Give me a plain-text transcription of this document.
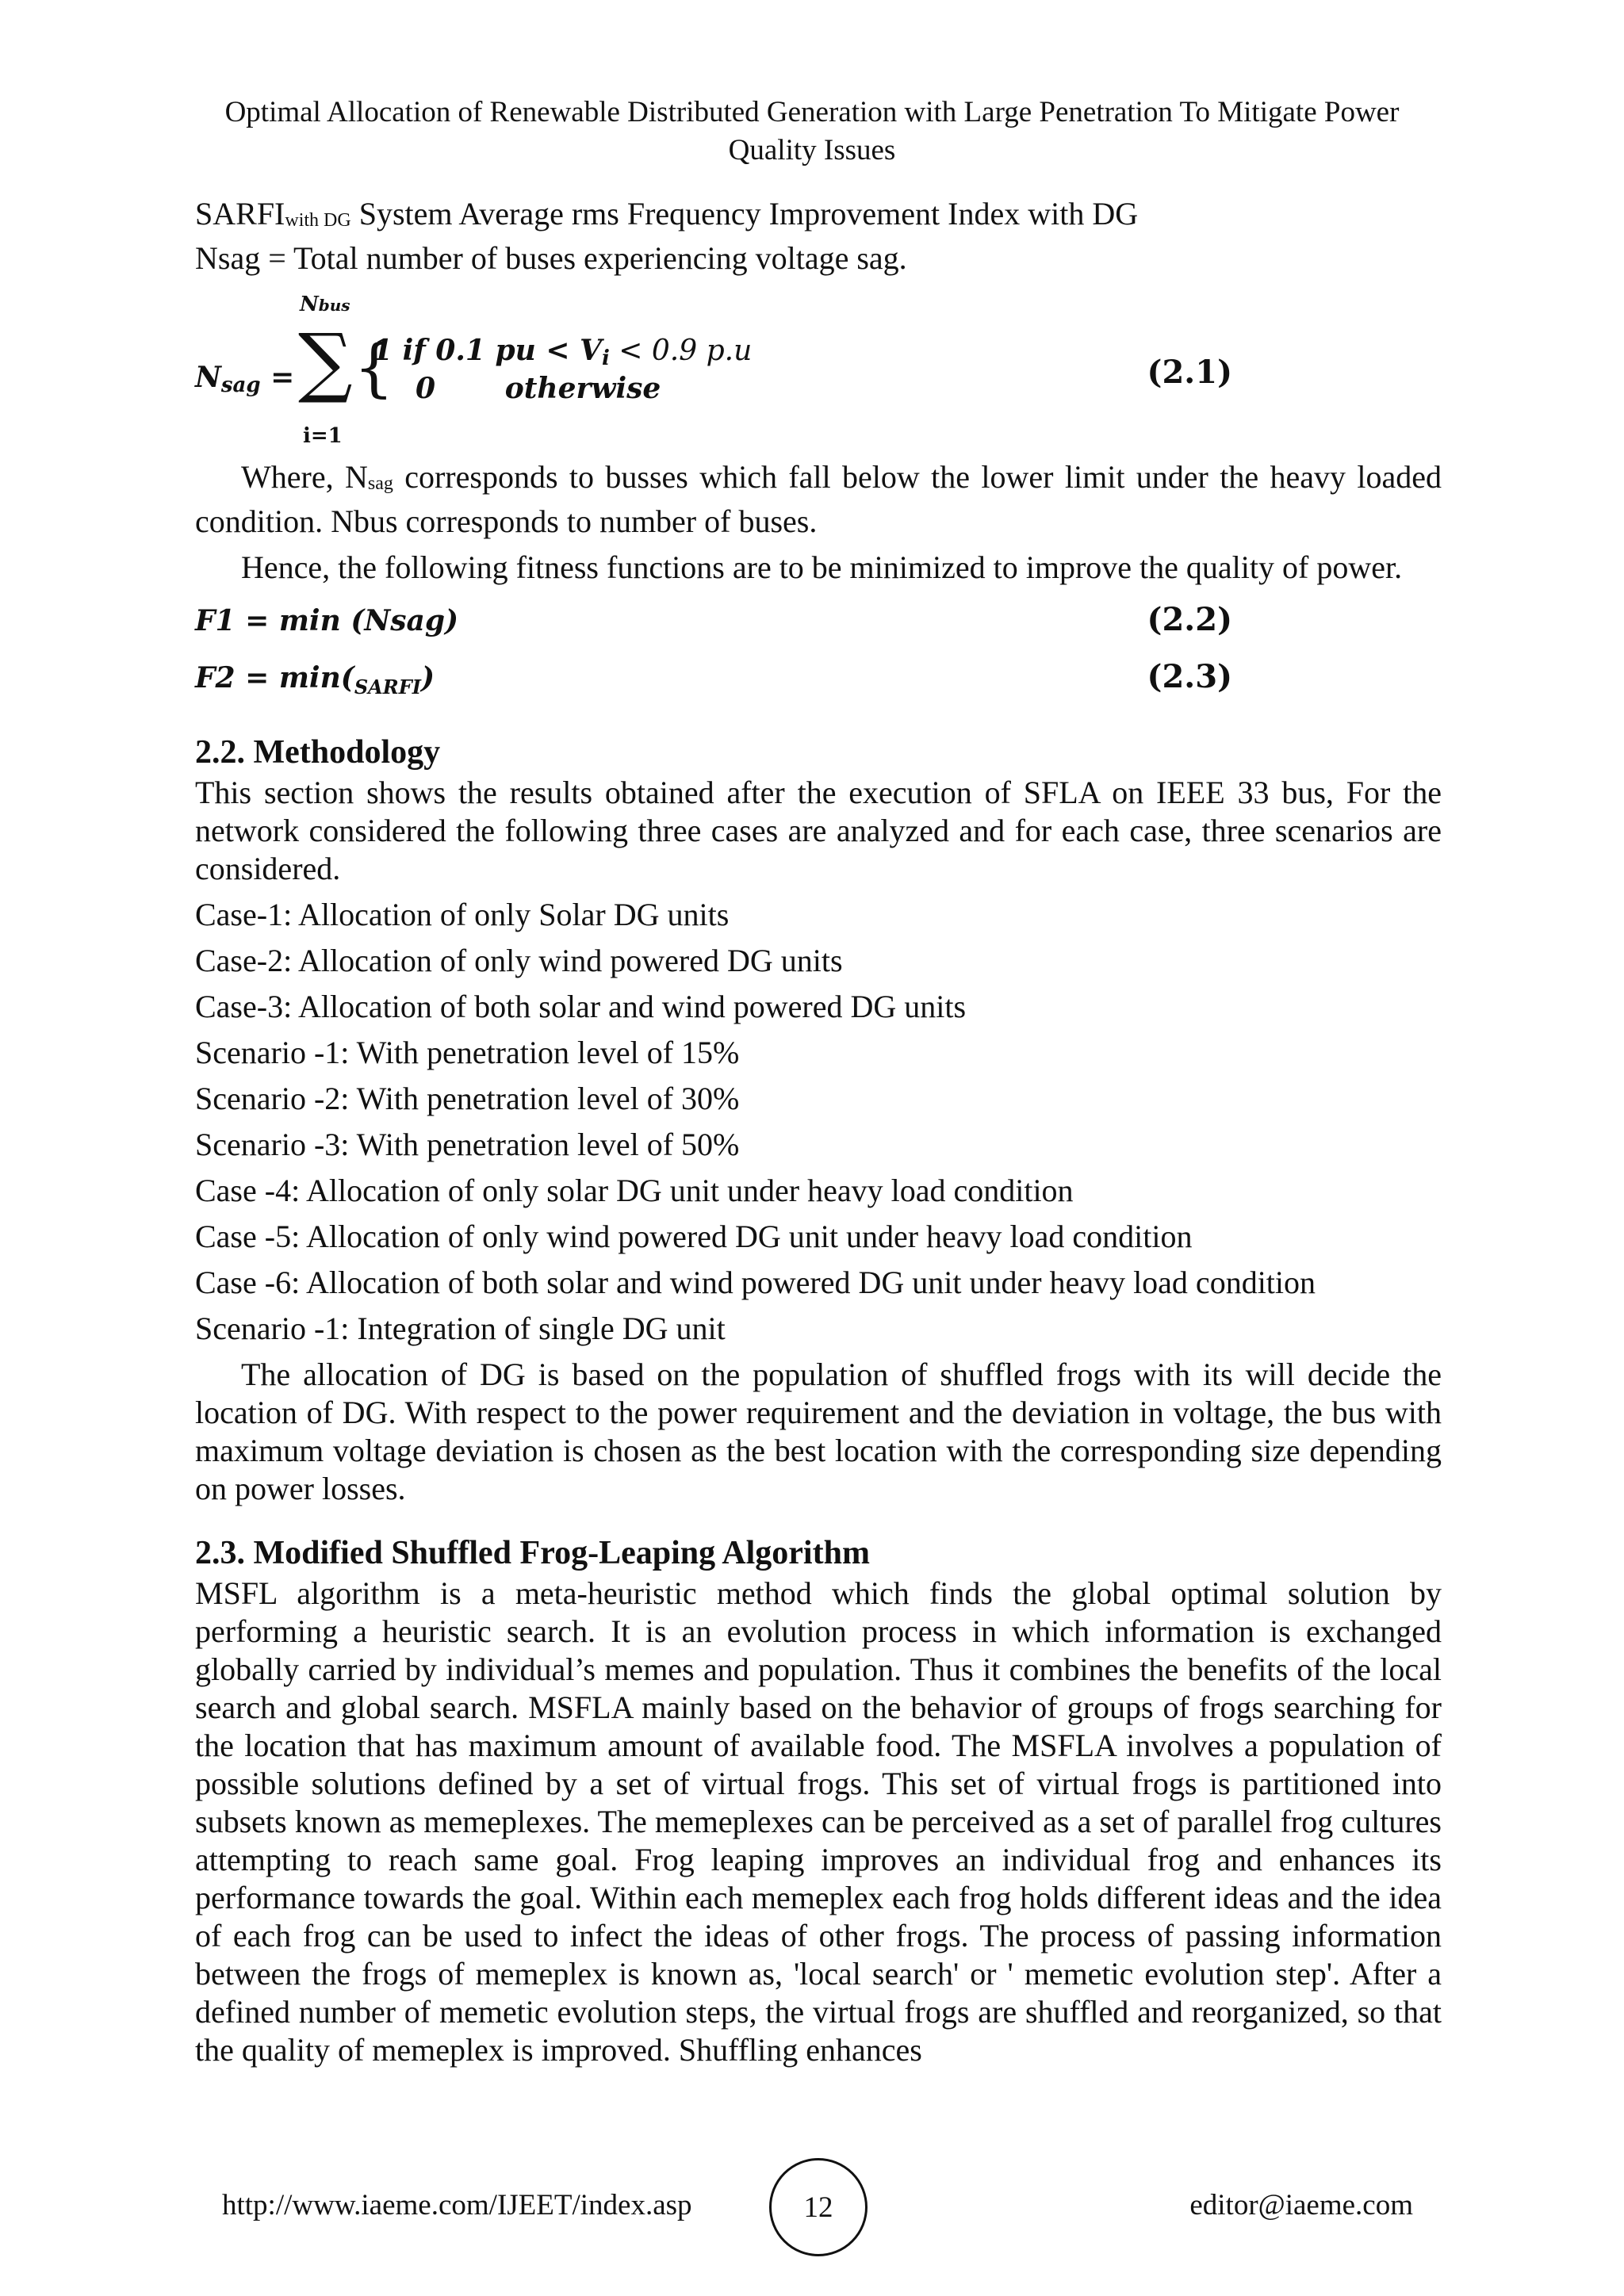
Optimal Allocation of Renewable Distributed Generation with Large Penetration To Mitigate Power
Quality Issues

SARFIwith DG System Average rms Frequency Improvement Index with DG

Nsag = Total number of buses experiencing voltage sag.

Nsag =
Nbus
∑
i=1
{
1 if 0.1 pu < Vi < 0.9 p.u
0       otherwise	(2.1)

Where, Nsag corresponds to busses which fall below the lower limit under the heavy loaded condition. Nbus corresponds to number of buses.

Hence, the following fitness functions are to be minimized to improve the quality of power.

F1 = min (Nsag)	(2.2)
$F2 = \min(_{SARFI})$	(2.3)
2.2. Methodology

This section shows the results obtained after the execution of SFLA on IEEE 33 bus, For the network considered the following three cases are analyzed and for each case, three scenarios are considered.

Case-1: Allocation of only Solar DG units

Case-2: Allocation of only wind powered DG units

Case-3: Allocation of both solar and wind powered DG units

Scenario -1: With penetration level of 15%

Scenario -2: With penetration level of 30%

Scenario -3: With penetration level of 50%

Case -4: Allocation of only solar DG unit under heavy load condition

Case -5: Allocation of only wind powered DG unit under heavy load condition

Case -6: Allocation of both solar and wind powered DG unit under heavy load condition

Scenario -1: Integration of single DG unit

The allocation of DG is based on the population of shuffled frogs with its will decide the location of DG. With respect to the power requirement and the deviation in voltage, the bus with maximum voltage deviation is chosen as the best location with the corresponding size depending on power losses.

2.3. Modified Shuffled Frog-Leaping Algorithm

MSFL algorithm is a meta-heuristic method which finds the global optimal solution by performing a heuristic search. It is an evolution process in which information is exchanged globally carried by individual’s memes and population. Thus it combines the benefits of the local search and global search. MSFLA mainly based on the behavior of groups of frogs searching for the location that has maximum amount of available food. The MSFLA involves a population of possible solutions defined by a set of virtual frogs. This set of virtual frogs is partitioned into subsets known as memeplexes. The memeplexes can be perceived as a set of parallel frog cultures attempting to reach same goal. Frog leaping improves an individual frog and enhances its performance towards the goal. Within each memeplex each frog holds different ideas and the idea of each frog can be used to infect the ideas of other frogs. The process of passing information between the frogs of memeplex is known as, 'local search' or ' memetic evolution step'. After a defined number of memetic evolution steps, the virtual frogs are shuffled and reorganized, so that the quality of memeplex is improved. Shuffling enhances

http://www.iaeme.com/IJEET/index.asp	12	editor@iaeme.com
